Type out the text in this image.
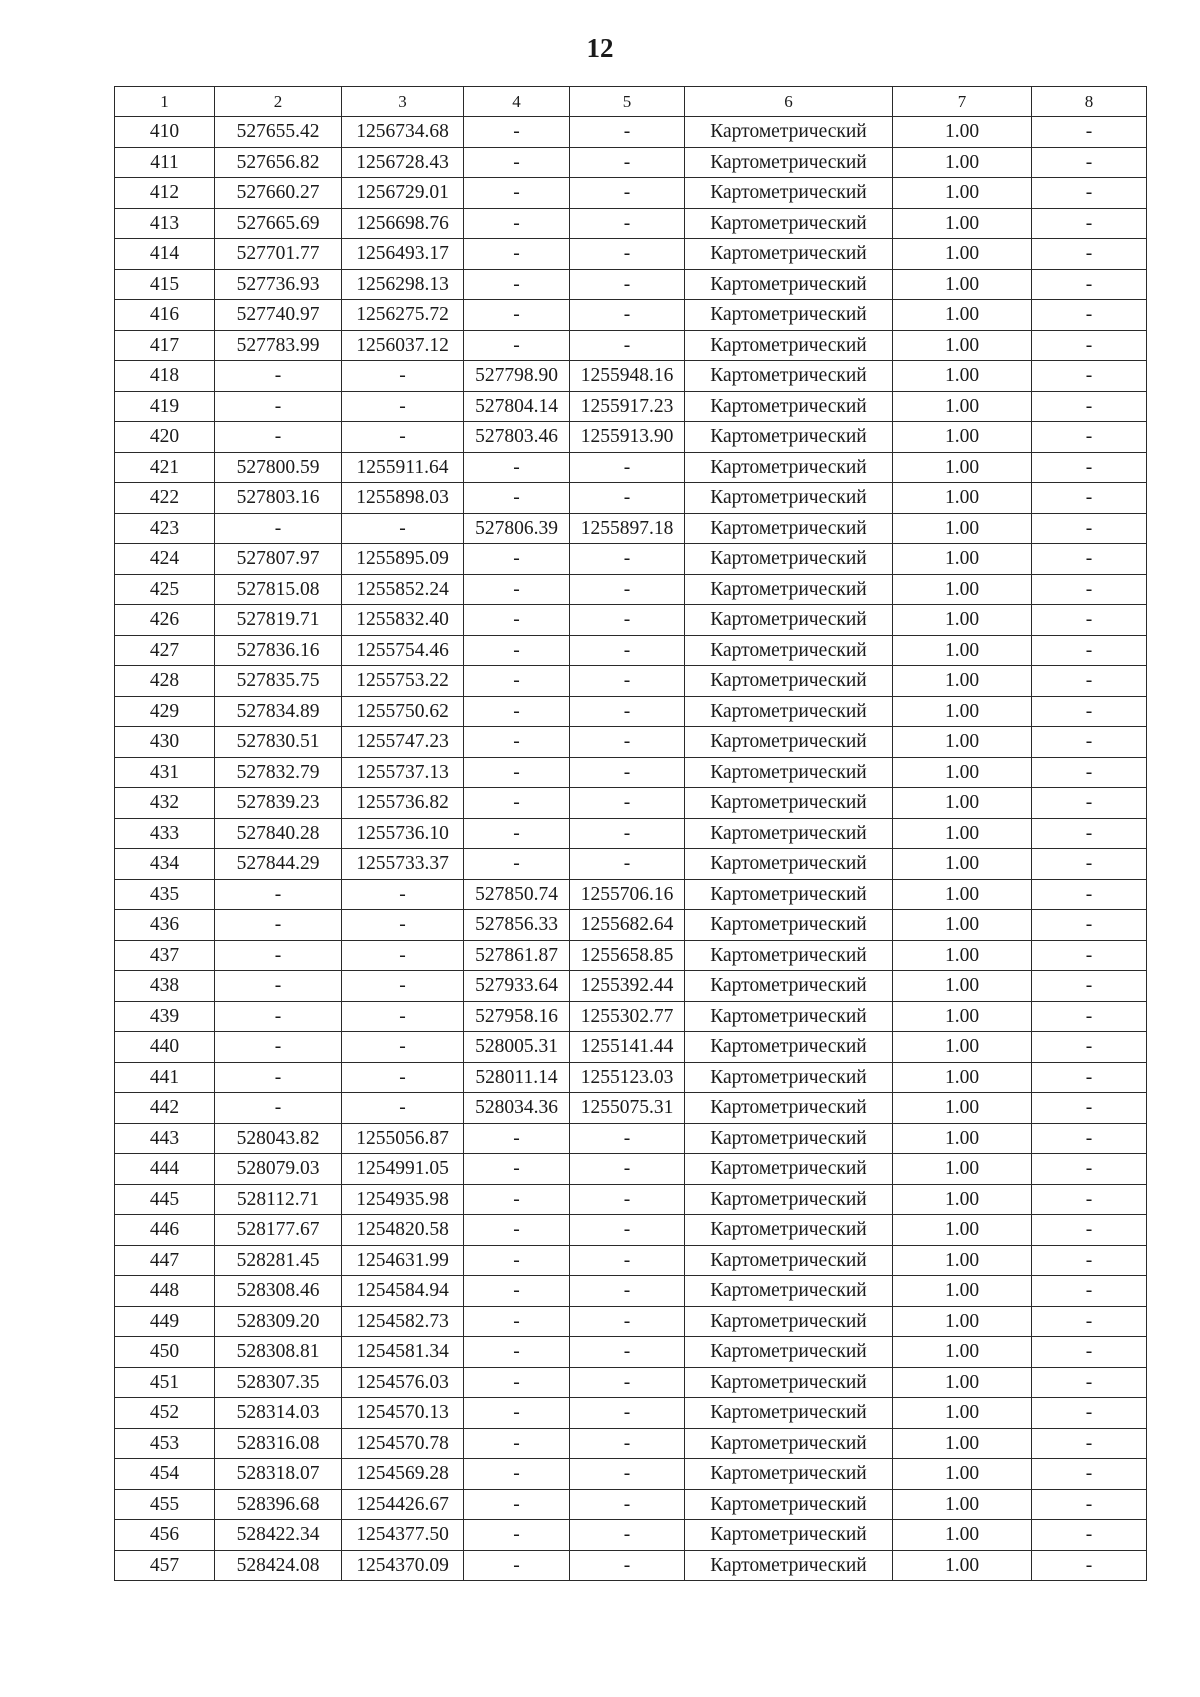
12
1	2	3	4	5	6	7	8
410	527655.42	1256734.68	-	-	Картометрический	1.00	-
411	527656.82	1256728.43	-	-	Картометрический	1.00	-
412	527660.27	1256729.01	-	-	Картометрический	1.00	-
413	527665.69	1256698.76	-	-	Картометрический	1.00	-
414	527701.77	1256493.17	-	-	Картометрический	1.00	-
415	527736.93	1256298.13	-	-	Картометрический	1.00	-
416	527740.97	1256275.72	-	-	Картометрический	1.00	-
417	527783.99	1256037.12	-	-	Картометрический	1.00	-
418	-	-	527798.90	1255948.16	Картометрический	1.00	-
419	-	-	527804.14	1255917.23	Картометрический	1.00	-
420	-	-	527803.46	1255913.90	Картометрический	1.00	-
421	527800.59	1255911.64	-	-	Картометрический	1.00	-
422	527803.16	1255898.03	-	-	Картометрический	1.00	-
423	-	-	527806.39	1255897.18	Картометрический	1.00	-
424	527807.97	1255895.09	-	-	Картометрический	1.00	-
425	527815.08	1255852.24	-	-	Картометрический	1.00	-
426	527819.71	1255832.40	-	-	Картометрический	1.00	-
427	527836.16	1255754.46	-	-	Картометрический	1.00	-
428	527835.75	1255753.22	-	-	Картометрический	1.00	-
429	527834.89	1255750.62	-	-	Картометрический	1.00	-
430	527830.51	1255747.23	-	-	Картометрический	1.00	-
431	527832.79	1255737.13	-	-	Картометрический	1.00	-
432	527839.23	1255736.82	-	-	Картометрический	1.00	-
433	527840.28	1255736.10	-	-	Картометрический	1.00	-
434	527844.29	1255733.37	-	-	Картометрический	1.00	-
435	-	-	527850.74	1255706.16	Картометрический	1.00	-
436	-	-	527856.33	1255682.64	Картометрический	1.00	-
437	-	-	527861.87	1255658.85	Картометрический	1.00	-
438	-	-	527933.64	1255392.44	Картометрический	1.00	-
439	-	-	527958.16	1255302.77	Картометрический	1.00	-
440	-	-	528005.31	1255141.44	Картометрический	1.00	-
441	-	-	528011.14	1255123.03	Картометрический	1.00	-
442	-	-	528034.36	1255075.31	Картометрический	1.00	-
443	528043.82	1255056.87	-	-	Картометрический	1.00	-
444	528079.03	1254991.05	-	-	Картометрический	1.00	-
445	528112.71	1254935.98	-	-	Картометрический	1.00	-
446	528177.67	1254820.58	-	-	Картометрический	1.00	-
447	528281.45	1254631.99	-	-	Картометрический	1.00	-
448	528308.46	1254584.94	-	-	Картометрический	1.00	-
449	528309.20	1254582.73	-	-	Картометрический	1.00	-
450	528308.81	1254581.34	-	-	Картометрический	1.00	-
451	528307.35	1254576.03	-	-	Картометрический	1.00	-
452	528314.03	1254570.13	-	-	Картометрический	1.00	-
453	528316.08	1254570.78	-	-	Картометрический	1.00	-
454	528318.07	1254569.28	-	-	Картометрический	1.00	-
455	528396.68	1254426.67	-	-	Картометрический	1.00	-
456	528422.34	1254377.50	-	-	Картометрический	1.00	-
457	528424.08	1254370.09	-	-	Картометрический	1.00	-
